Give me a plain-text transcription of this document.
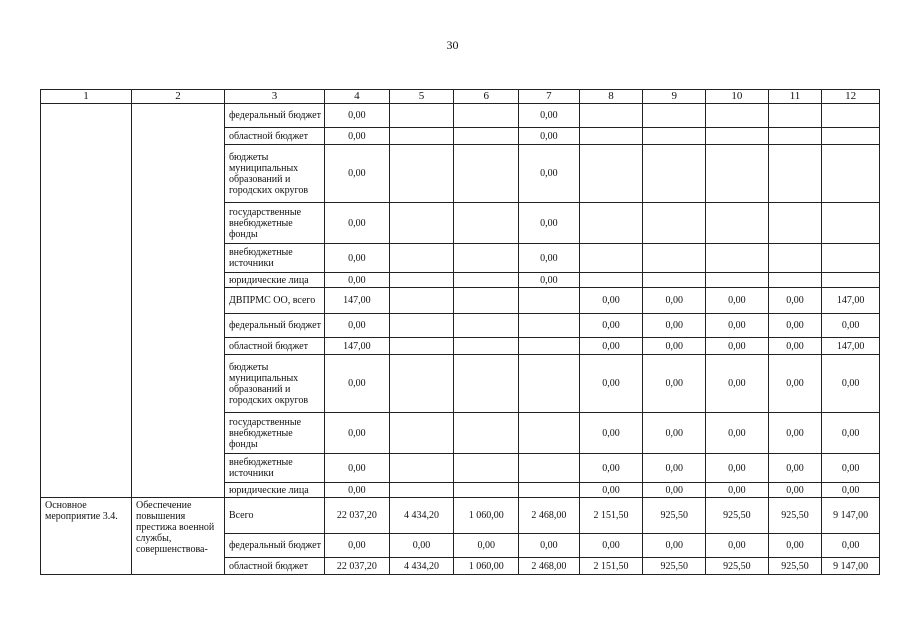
30
1	2	3	4	5	6	7	8	9	10	11	12
		федеральный бюджет	0,00			0,00					
		областной бюджет	0,00			0,00					
		бюджеты муниципальных образований и городских округов	0,00			0,00					
		государственные внебюджетные фонды	0,00			0,00					
		внебюджетные источники	0,00			0,00					
		юридические лица	0,00			0,00					
		ДВПРМС ОО, всего	147,00				0,00	0,00	0,00	0,00	147,00
		федеральный бюджет	0,00				0,00	0,00	0,00	0,00	0,00
		областной бюджет	147,00				0,00	0,00	0,00	0,00	147,00
		бюджеты муниципальных образований и городских округов	0,00				0,00	0,00	0,00	0,00	0,00
		государственные внебюджетные фонды	0,00				0,00	0,00	0,00	0,00	0,00
		внебюджетные источники	0,00				0,00	0,00	0,00	0,00	0,00
		юридические лица	0,00				0,00	0,00	0,00	0,00	0,00
Основное мероприятие 3.4.	Обеспечение повышения престижа военной службы, совершенствова-	Всего	22 037,20	4 434,20	1 060,00	2 468,00	2 151,50	925,50	925,50	925,50	9 147,00
		федеральный бюджет	0,00	0,00	0,00	0,00	0,00	0,00	0,00	0,00	0,00
		областной бюджет	22 037,20	4 434,20	1 060,00	2 468,00	2 151,50	925,50	925,50	925,50	9 147,00
